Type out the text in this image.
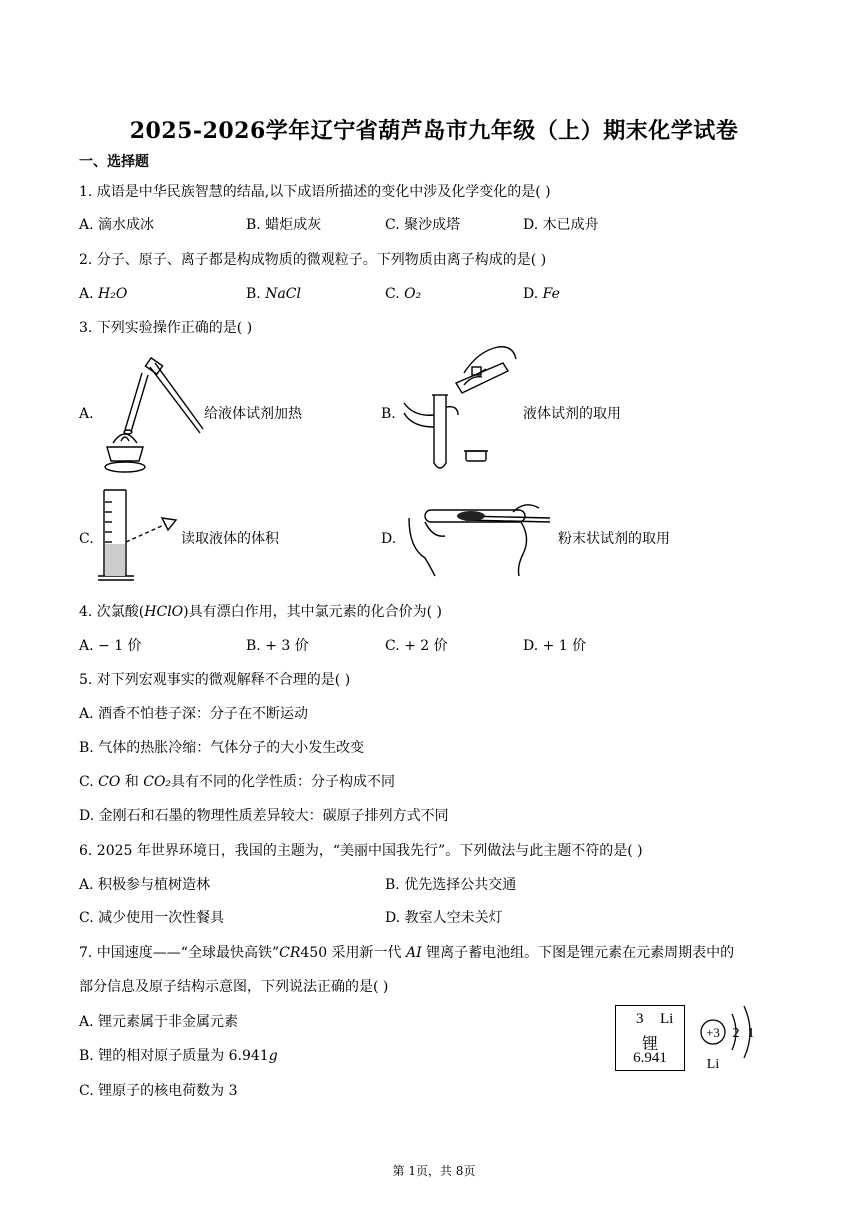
2025-2026学年辽宁省葫芦岛市九年级（上）期末化学试卷
一、选择题
1. 成语是中华民族智慧的结晶,以下成语所描述的变化中涉及化学变化的是( )
A. 滴水成冰	B. 蜡炬成灰	C. 聚沙成塔	D. 木已成舟
2. 分子、原子、离子都是构成物质的微观粒子。下列物质由离子构成的是( )
A. H₂O	B. NaCl	C. O₂	D. Fe
3. 下列实验操作正确的是( )
A.	给液体试剂加热	B.	液体试剂的取用
C.	读取液体的体积	D.	粉末状试剂的取用
4. 次氯酸(HClO)具有漂白作用，其中氯元素的化合价为( )
A. − 1 价	B. + 3 价	C. + 2 价	D. + 1 价
5. 对下列宏观事实的微观解释不合理的是( )
A. 酒香不怕巷子深：分子在不断运动
B. 气体的热胀冷缩：气体分子的大小发生改变
C. CO 和 CO₂具有不同的化学性质：分子构成不同
D. 金刚石和石墨的物理性质差异较大：碳原子排列方式不同
6. 2025 年世界环境日，我国的主题为，“美丽中国我先行”。下列做法与此主题不符的是( )
A. 积极参与植树造林	B. 优先选择公共交通
C. 减少使用一次性餐具	D. 教室人空未关灯
7. 中国速度——“全球最快高铁”CR450 采用新一代 AI 锂离子蓄电池组。下图是锂元素在元素周期表中的
部分信息及原子结构示意图，下列说法正确的是( )
A. 锂元素属于非金属元素
B. 锂的相对原子质量为 6.941g
C. 锂原子的核电荷数为 3
3 Li
锂
6.941
+3 2 1
Li
第 1页，共 8页
